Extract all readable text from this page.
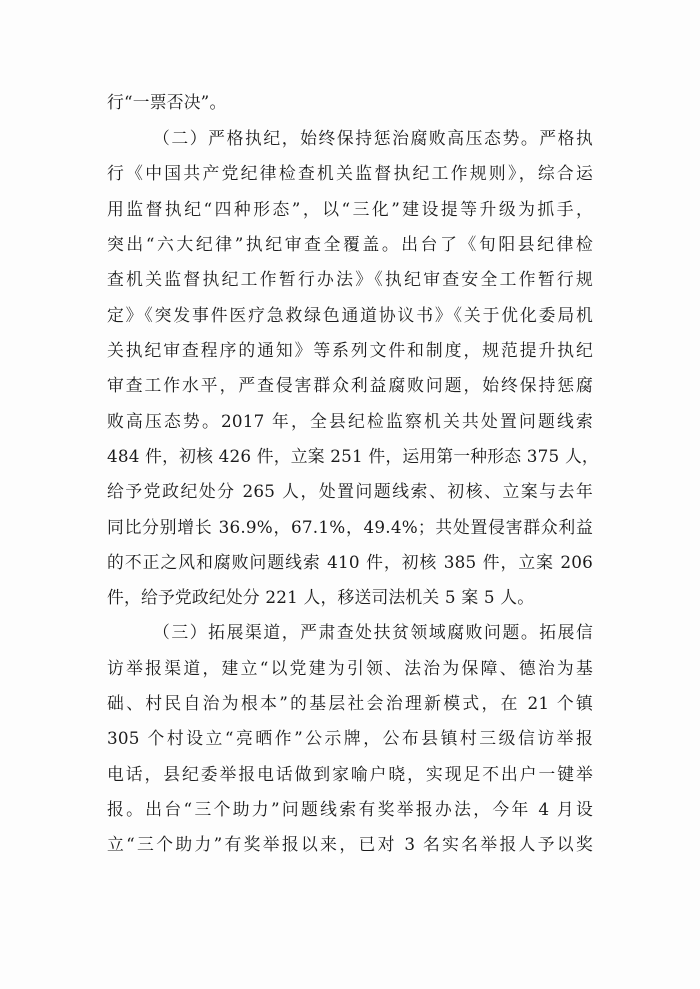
行“一票否决”。
（二）严格执纪，始终保持惩治腐败高压态势。严格执
行《中国共产党纪律检查机关监督执纪工作规则》，综合运
用监督执纪“四种形态”，以“三化”建设提等升级为抓手，
突出“六大纪律”执纪审查全覆盖。出台了《旬阳县纪律检
查机关监督执纪工作暂行办法》《执纪审查安全工作暂行规
定》《突发事件医疗急救绿色通道协议书》《关于优化委局机
关执纪审查程序的通知》等系列文件和制度，规范提升执纪
审查工作水平，严查侵害群众利益腐败问题，始终保持惩腐
败高压态势。2017 年，全县纪检监察机关共处置问题线索
484 件，初核 426 件，立案 251 件，运用第一种形态 375 人，
给予党政纪处分 265 人，处置问题线索、初核、立案与去年
同比分别增长 36.9%，67.1%，49.4%；共处置侵害群众利益
的不正之风和腐败问题线索 410 件，初核 385 件，立案 206
件，给予党政纪处分 221 人，移送司法机关 5 案 5 人。
（三）拓展渠道，严肃查处扶贫领域腐败问题。拓展信
访举报渠道，建立“以党建为引领、法治为保障、德治为基
础、村民自治为根本”的基层社会治理新模式，在 21 个镇
305 个村设立“亮晒作”公示牌，公布县镇村三级信访举报
电话，县纪委举报电话做到家喻户晓，实现足不出户一键举
报。出台“三个助力”问题线索有奖举报办法，今年 4 月设
立“三个助力”有奖举报以来，已对 3 名实名举报人予以奖
